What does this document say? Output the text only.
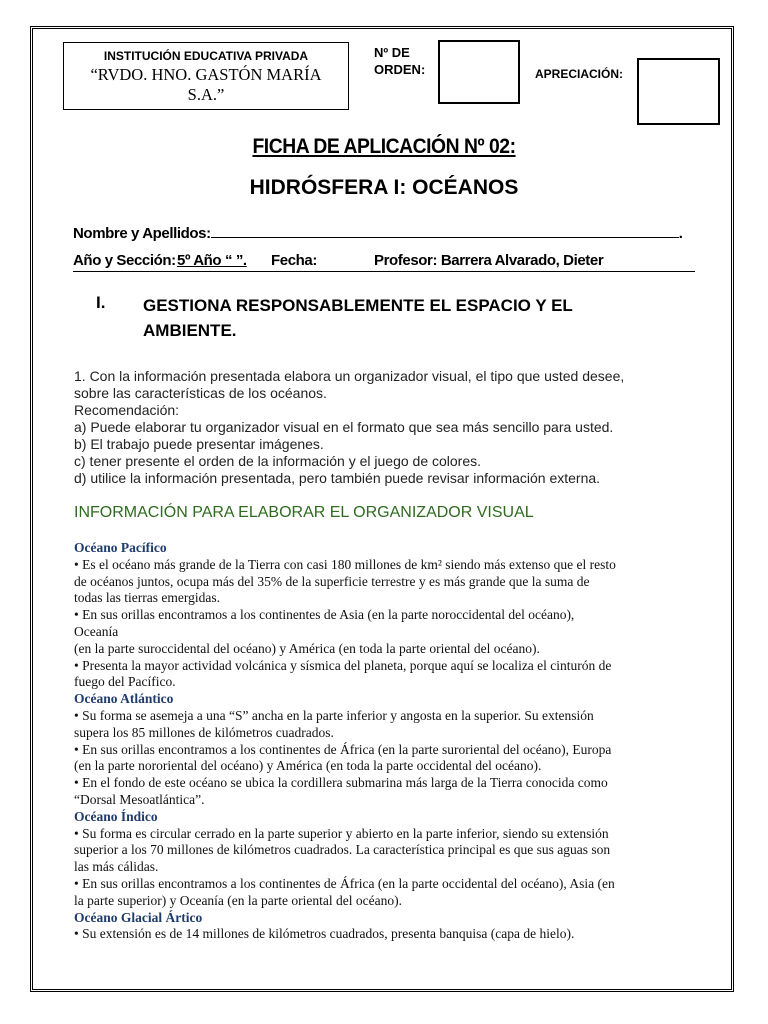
INSTITUCIÓN EDUCATIVA PRIVADA
“RVDO. HNO. GASTÓN MARÍA
S.A.”
Nº DE
ORDEN:	APRECIACIÓN:
FICHA DE APLICACIÓN Nº 02:
HIDRÓSFERA I: OCÉANOS
Nombre y Apellidos:	.
Año y Sección: 5º Año “ ”. Fecha:	Profesor: Barrera Alvarado, Dieter
I. GESTIONA RESPONSABLEMENTE EL ESPACIO Y EL AMBIENTE.
1. Con la información presentada elabora un organizador visual, el tipo que usted desee,
sobre las características de los océanos.
Recomendación:
a) Puede elaborar tu organizador visual en el formato que sea más sencillo para usted.
b) El trabajo puede presentar imágenes.
c) tener presente el orden de la información y el juego de colores.
d) utilice la información presentada, pero también puede revisar información externa.
INFORMACIÓN PARA ELABORAR EL ORGANIZADOR VISUAL
Océano Pacífico
• Es el océano más grande de la Tierra con casi 180 millones de km² siendo más extenso que el resto
de océanos juntos, ocupa más del 35% de la superficie terrestre y es más grande que la suma de
todas las tierras emergidas.
• En sus orillas encontramos a los continentes de Asia (en la parte noroccidental del océano),
Oceanía
(en la parte suroccidental del océano) y América (en toda la parte oriental del océano).
• Presenta la mayor actividad volcánica y sísmica del planeta, porque aquí se localiza el cinturón de
fuego del Pacífico.
Océano Atlántico
• Su forma se asemeja a una “S” ancha en la parte inferior y angosta en la superior. Su extensión
supera los 85 millones de kilómetros cuadrados.
• En sus orillas encontramos a los continentes de África (en la parte suroriental del océano), Europa
(en la parte nororiental del océano) y América (en toda la parte occidental del océano).
• En el fondo de este océano se ubica la cordillera submarina más larga de la Tierra conocida como
“Dorsal Mesoatlántica”.
Océano Índico
• Su forma es circular cerrado en la parte superior y abierto en la parte inferior, siendo su extensión
superior a los 70 millones de kilómetros cuadrados. La característica principal es que sus aguas son
las más cálidas.
• En sus orillas encontramos a los continentes de África (en la parte occidental del océano), Asia (en
la parte superior) y Oceanía (en la parte oriental del océano).
Océano Glacial Ártico
• Su extensión es de 14 millones de kilómetros cuadrados, presenta banquisa (capa de hielo).
